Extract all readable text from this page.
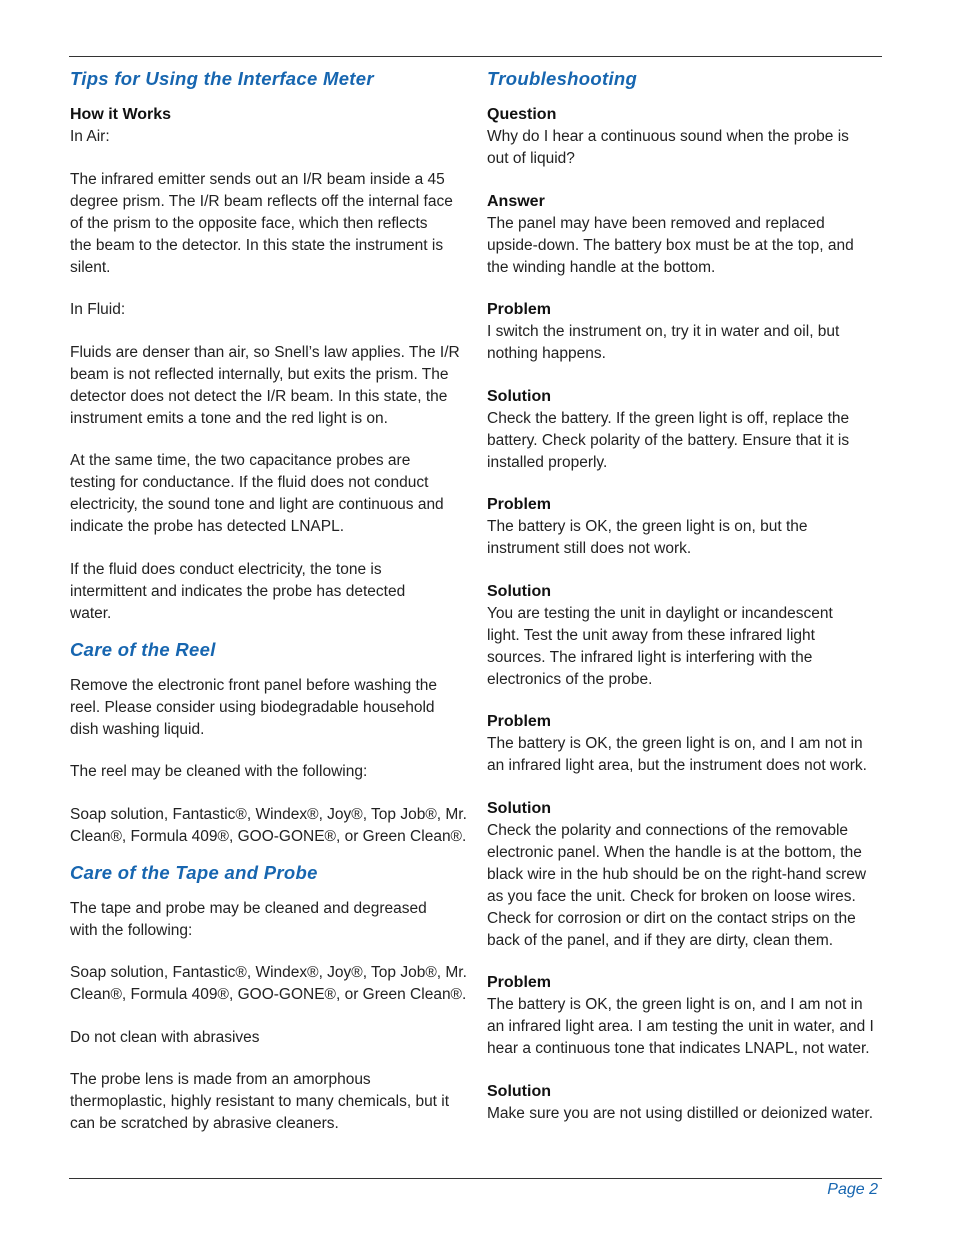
Tips for Using the Interface Meter
How it Works
In Air:
The infrared emitter sends out an I/R beam inside a 45
degree prism. The I/R beam reflects off the internal face
of the prism to the opposite face, which then reflects
the beam to the detector. In this state the instrument is
silent.
In Fluid:
Fluids are denser than air, so Snell’s law applies. The I/R
beam is not reflected internally, but exits the prism. The
detector does not detect the I/R beam. In this state, the
instrument emits a tone and the red light is on.
At the same time, the two capacitance probes are
testing for conductance. If the fluid does not conduct
electricity, the sound tone and light are continuous and
indicate the probe has detected LNAPL.
If the fluid does conduct electricity, the tone is
intermittent and indicates the probe has detected
water.
Care of the Reel
Remove the electronic front panel before washing the
reel. Please consider using biodegradable household
dish washing liquid.
The reel may be cleaned with the following:
Soap solution, Fantastic®, Windex®, Joy®, Top Job®, Mr.
Clean®, Formula 409®, GOO-GONE®, or Green Clean®.
Care of the Tape and Probe
The tape and probe may be cleaned and degreased
with the following:
Soap solution, Fantastic®, Windex®, Joy®, Top Job®, Mr.
Clean®, Formula 409®, GOO-GONE®, or Green Clean®.
Do not clean with abrasives
The probe lens is made from an amorphous
thermoplastic, highly resistant to many chemicals, but it
can be scratched by abrasive cleaners.
Troubleshooting
Question
Why do I hear a continuous sound when the probe is
out of liquid?
Answer
The panel may have been removed and replaced
upside-down. The battery box must be at the top, and
the winding handle at the bottom.
Problem
I switch the instrument on, try it in water and oil, but
nothing happens.
Solution
Check the battery. If the green light is off, replace the
battery. Check polarity of the battery. Ensure that it is
installed properly.
Problem
The battery is OK, the green light is on, but the
instrument still does not work.
Solution
You are testing the unit in daylight or incandescent
light. Test the unit away from these infrared light
sources. The infrared light is interfering with the
electronics of the probe.
Problem
The battery is OK, the green light is on, and I am not in
an infrared light area, but the instrument does not work.
Solution
Check the polarity and connections of the removable
electronic panel. When the handle is at the bottom, the
black wire in the hub should be on the right-hand screw
as you face the unit. Check for broken on loose wires.
Check for corrosion or dirt on the contact strips on the
back of the panel, and if they are dirty, clean them.
Problem
The battery is OK, the green light is on, and I am not in
an infrared light area. I am testing the unit in water, and I
hear a continuous tone that indicates LNAPL, not water.
Solution
Make sure you are not using distilled or deionized water.
Page 2
